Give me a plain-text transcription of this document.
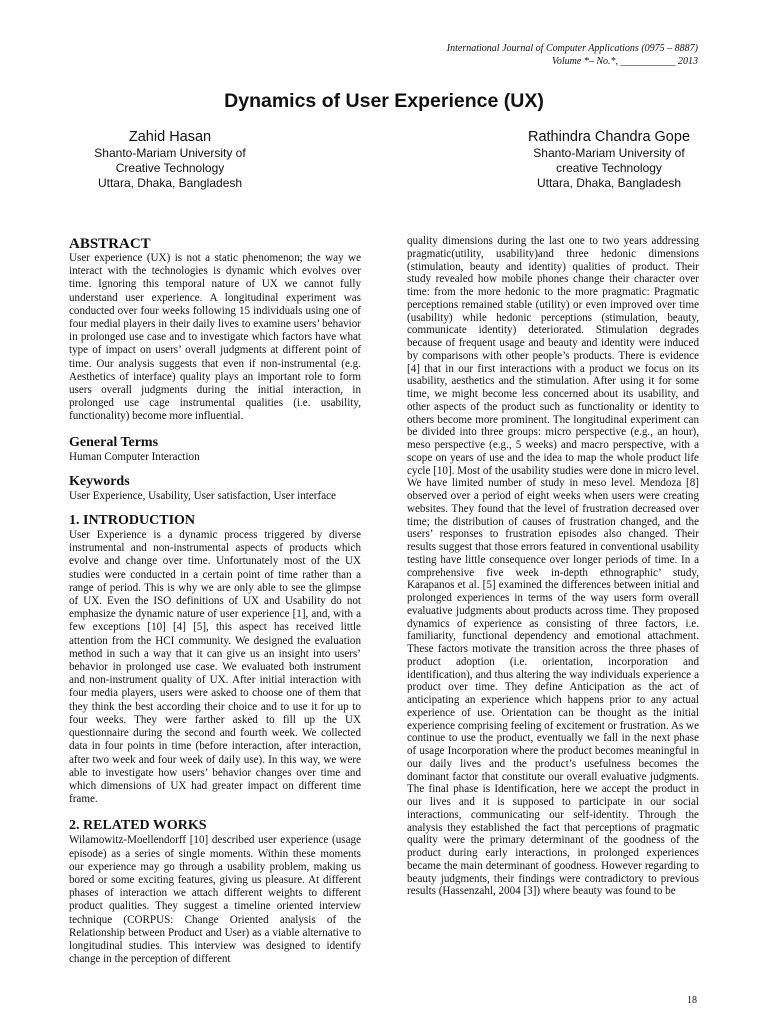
International Journal of Computer Applications (0975 – 8887)
Volume *– No.*, ___________ 2013
Dynamics of User Experience (UX)
Zahid Hasan
Shanto-Mariam University of
Creative Technology
Uttara, Dhaka, Bangladesh
Rathindra Chandra Gope
Shanto-Mariam University of
creative Technology
Uttara, Dhaka, Bangladesh
ABSTRACT

User experience (UX) is not a static phenomenon; the way we interact with the technologies is dynamic which evolves over time. Ignoring this temporal nature of UX we cannot fully understand user experience. A longitudinal experiment was conducted over four weeks following 15 individuals using one of four medial players in their daily lives to examine users’ behavior in prolonged use case and to investigate which factors have what type of impact on users’ overall judgments at different point of time. Our analysis suggests that even if non-instrumental (e.g. Aesthetics of interface) quality plays an important role to form users overall judgments during the initial interaction, in prolonged use cage instrumental qualities (i.e. usability, functionality) become more influential.

General Terms

Human Computer Interaction

Keywords

User Experience, Usability, User satisfaction, User interface

1. INTRODUCTION

User Experience is a dynamic process triggered by diverse instrumental and non-instrumental aspects of products which evolve and change over time. Unfortunately most of the UX studies were conducted in a certain point of time rather than a range of period. This is why we are only able to see the glimpse of UX. Even the ISO definitions of UX and Usability do not emphasize the dynamic nature of user experience [1], and, with a few exceptions [10] [4] [5], this aspect has received little attention from the HCI community. We designed the evaluation method in such a way that it can give us an insight into users’ behavior in prolonged use case. We evaluated both instrument and non-instrument quality of UX. After initial interaction with four media players, users were asked to choose one of them that they think the best according their choice and to use it for up to four weeks. They were farther asked to fill up the UX questionnaire during the second and fourth week. We collected data in four points in time (before interaction, after interaction, after two week and four week of daily use). In this way, we were able to investigate how users’ behavior changes over time and which dimensions of UX had greater impact on different time frame.

2. RELATED WORKS

Wilamowitz-Moellendorff [10] described user experience (usage episode) as a series of single moments. Within these moments our experience may go through a usability problem, making us bored or some exciting features, giving us pleasure. At different phases of interaction we attach different weights to different product qualities. They suggest a timeline oriented interview technique (CORPUS: Change Oriented analysis of the Relationship between Product and User) as a viable alternative to longitudinal studies. This interview was designed to identify change in the perception of different

quality dimensions during the last one to two years addressing pragmatic(utility, usability)and three hedonic dimensions (stimulation, beauty and identity) qualities of product. Their study revealed how mobile phones change their character over time: from the more hedonic to the more pragmatic: Pragmatic perceptions remained stable (utility) or even improved over time (usability) while hedonic perceptions (stimulation, beauty, communicate identity) deteriorated. Stimulation degrades because of frequent usage and beauty and identity were induced by comparisons with other people’s products. There is evidence [4] that in our first interactions with a product we focus on its usability, aesthetics and the stimulation. After using it for some time, we might become less concerned about its usability, and other aspects of the product such as functionality or identity to others become more prominent. The longitudinal experiment can be divided into three groups: micro perspective (e.g., an hour), meso perspective (e.g., 5 weeks) and macro perspective, with a scope on years of use and the idea to map the whole product life cycle [10]. Most of the usability studies were done in micro level. We have limited number of study in meso level. Mendoza [8] observed over a period of eight weeks when users were creating websites. They found that the level of frustration decreased over time; the distribution of causes of frustration changed, and the users’ responses to frustration episodes also changed. Their results suggest that those errors featured in conventional usability testing have little consequence over longer periods of time. In a comprehensive five week in-depth ethnographic’ study, Karapanos et al. [5] examined the differences between initial and prolonged experiences in terms of the way users form overall evaluative judgments about products across time. They proposed dynamics of experience as consisting of three factors, i.e. familiarity, functional dependency and emotional attachment. These factors motivate the transition across the three phases of product adoption (i.e. orientation, incorporation and identification), and thus altering the way individuals experience a product over time. They define Anticipation as the act of anticipating an experience which happens prior to any actual experience of use. Orientation can be thought as the initial experience comprising feeling of excitement or frustration. As we continue to use the product, eventually we fall in the next phase of usage Incorporation where the product becomes meaningful in our daily lives and the product’s usefulness becomes the dominant factor that constitute our overall evaluative judgments. The final phase is Identification, here we accept the product in our lives and it is supposed to participate in our social interactions, communicating our self-identity. Through the analysis they established the fact that perceptions of pragmatic quality were the primary determinant of the goodness of the product during early interactions, in prolonged experiences became the main determinant of goodness. However regarding to beauty judgments, their findings were contradictory to previous results (Hassenzahl, 2004 [3]) where beauty was found to be

18
